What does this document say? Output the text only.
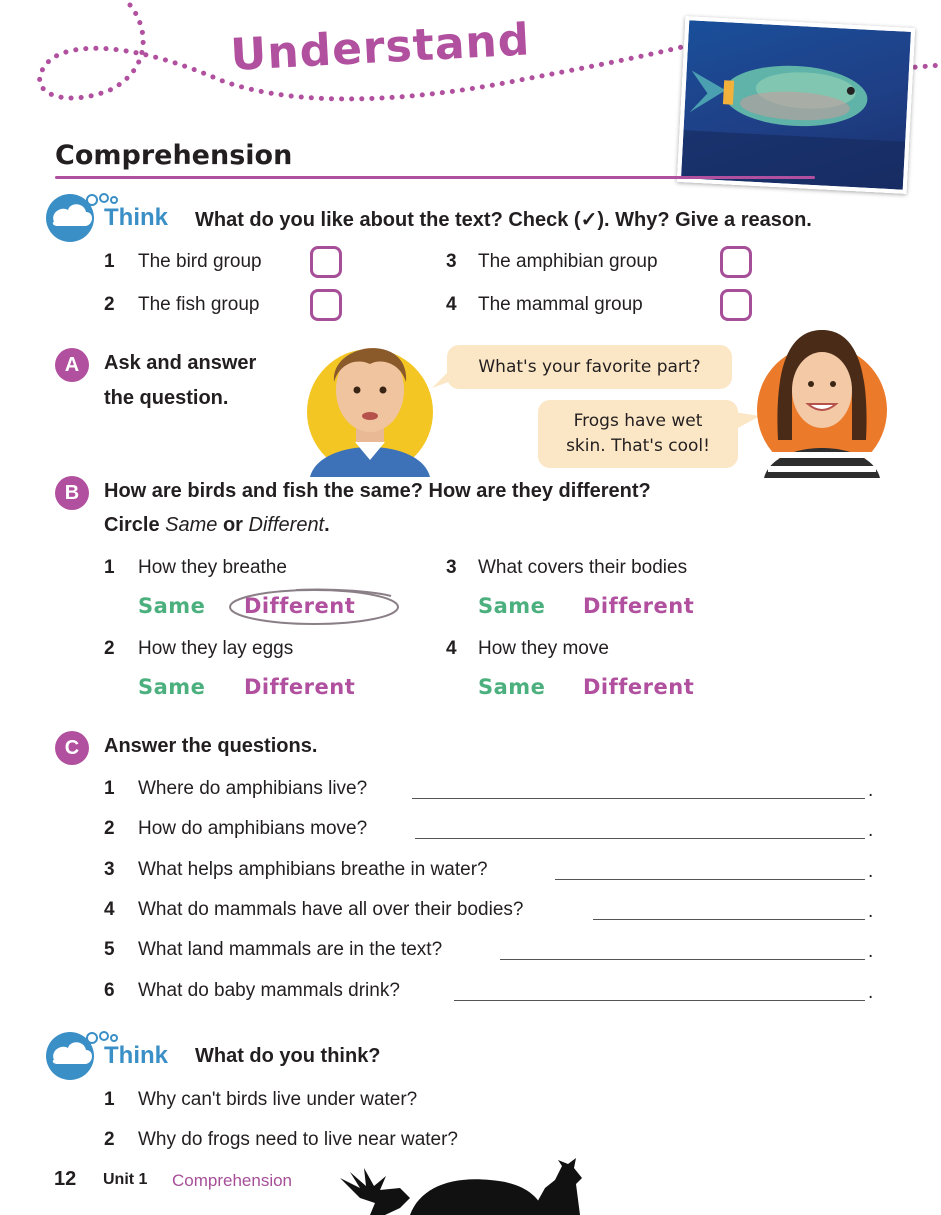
Understand
Comprehension
Think What do you like about the text? Check (✓). Why? Give a reason.
1 The bird group
2 The fish group
3 The amphibian group
4 The mammal group
A	Ask and answer
the question.
What's your favorite part?
Frogs have wet
skin. That's cool!
B	How are birds and fish the same? How are they different?
Circle Same or Different.
1 How they breathe
Same Different
2 How they lay eggs
Same Different
3 What covers their bodies
Same Different
4 How they move
Same Different
C	Answer the questions.
1 Where do amphibians live?	.
2 How do amphibians move?	.
3 What helps amphibians breathe in water?	.
4 What do mammals have all over their bodies?	.
5 What land mammals are in the text?	.
6 What do baby mammals drink?	.
Think What do you think?
1 Why can't birds live under water?
2 Why do frogs need to live near water?
12 Unit 1 Comprehension
